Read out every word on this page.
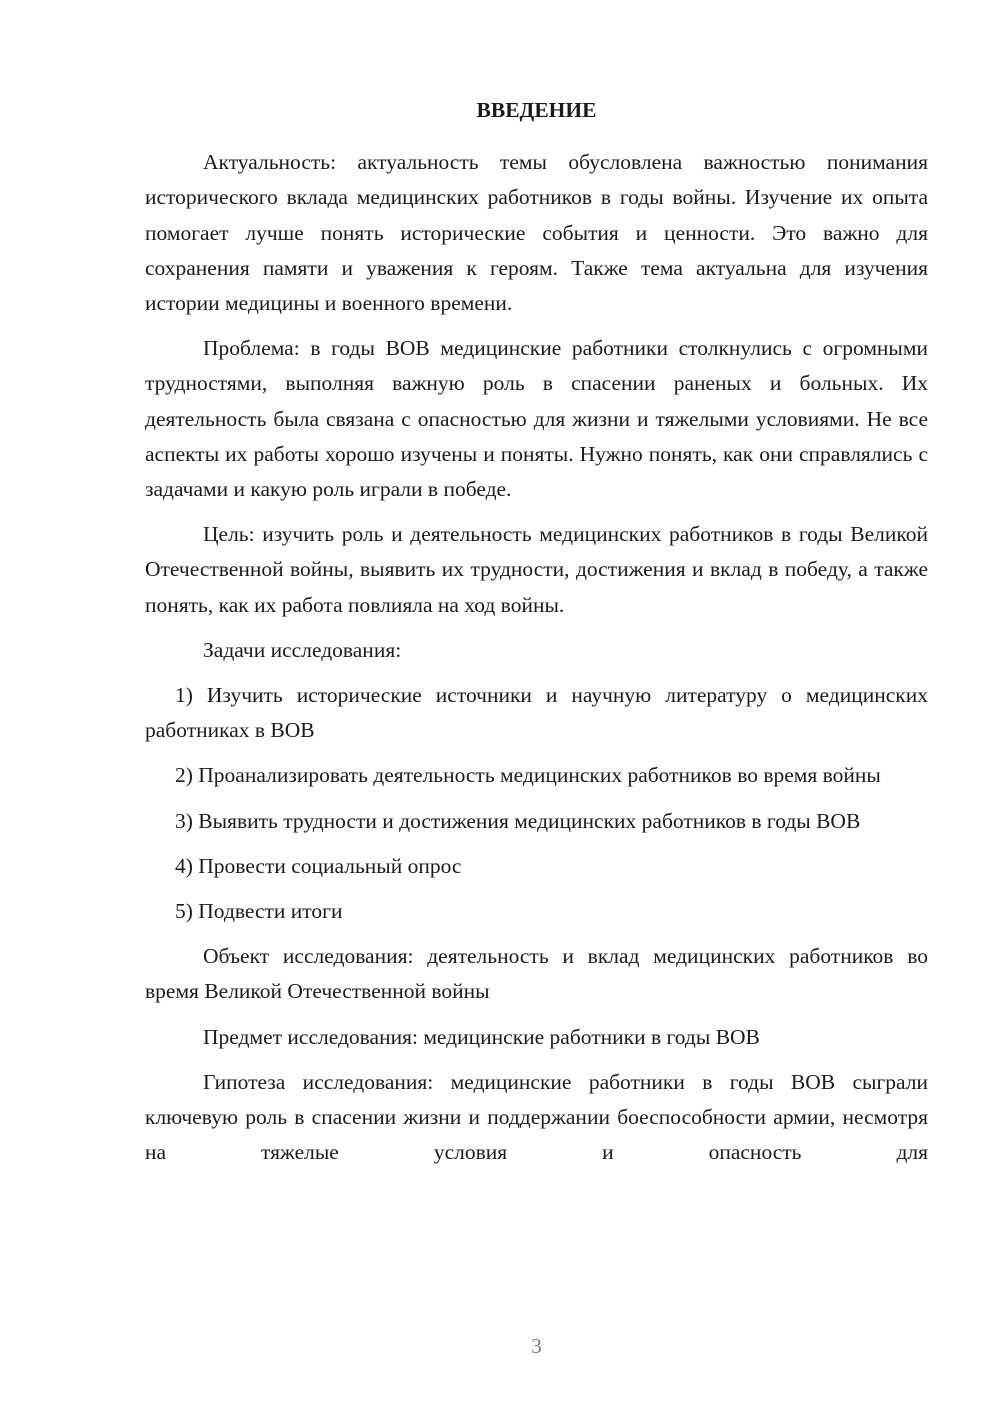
ВВЕДЕНИЕ

Актуальность: актуальность темы обусловлена важностью понимания исторического вклада медицинских работников в годы войны. Изучение их опыта помогает лучше понять исторические события и ценности. Это важно для сохранения памяти и уважения к героям. Также тема актуальна для изучения истории медицины и военного времени.

Проблема: в годы ВОВ медицинские работники столкнулись с огромными трудностями, выполняя важную роль в спасении раненых и больных. Их деятельность была связана с опасностью для жизни и тяжелыми условиями. Не все аспекты их работы хорошо изучены и поняты. Нужно понять, как они справлялись с задачами и какую роль играли в победе.

Цель: изучить роль и деятельность медицинских работников в годы Великой Отечественной войны, выявить их трудности, достижения и вклад в победу, а также понять, как их работа повлияла на ход войны.

Задачи исследования:

1) Изучить исторические источники и научную литературу о медицинских работниках в ВОВ

2) Проанализировать деятельность медицинских работников во время войны

3) Выявить трудности и достижения медицинских работников в годы ВОВ

4) Провести социальный опрос

5) Подвести итоги

Объект исследования: деятельность и вклад медицинских работников во время Великой Отечественной войны

Предмет исследования: медицинские работники в годы ВОВ

Гипотеза исследования: медицинские работники в годы ВОВ сыграли ключевую роль в спасении жизни и поддержании боеспособности армии, несмотря на тяжелые условия и опасность для

3
